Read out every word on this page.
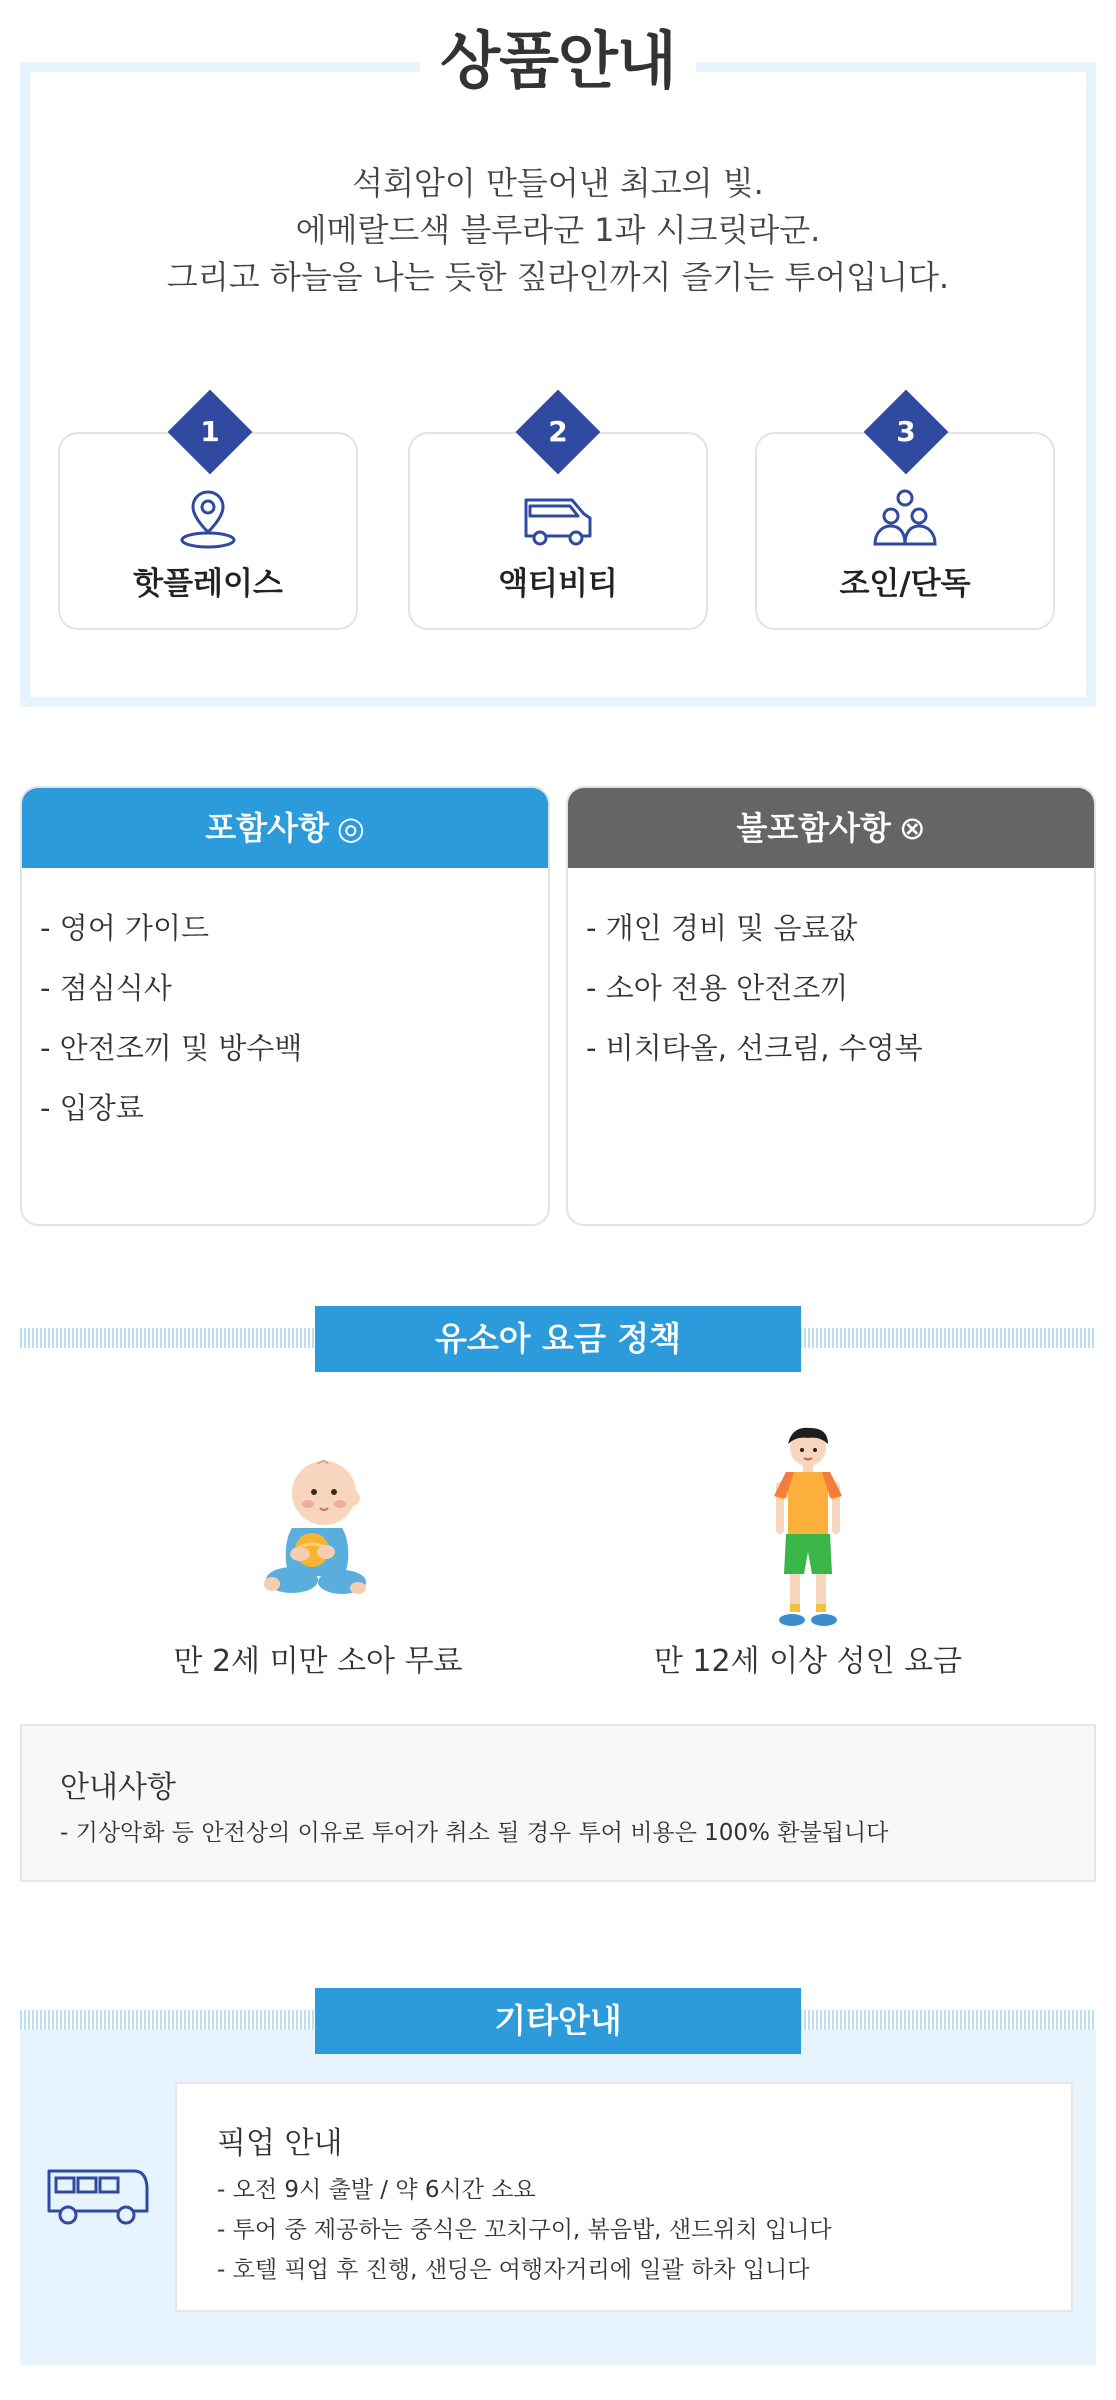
상품안내
석회암이 만들어낸 최고의 빛.
에메랄드색 블루라군 1과 시크릿라군.
그리고 하늘을 나는 듯한 짚라인까지 즐기는 투어입니다.
핫플레이스
1
액티비티
2
조인/단독
3
포함사항 ◎
- 영어 가이드
- 점심식사
- 안전조끼 및 방수백
- 입장료
불포함사항 ⊗
- 개인 경비 및 음료값
- 소아 전용 안전조끼
- 비치타올, 선크림, 수영복
유소아 요금 정책
만 2세 미만 소아 무료	만 12세 이상 성인 요금
안내사항
- 기상악화 등 안전상의 이유로 투어가 취소 될 경우 투어 비용은 100% 환불됩니다
기타안내
픽업 안내
- 오전 9시 출발 / 약 6시간 소요
- 투어 중 제공하는 중식은 꼬치구이, 볶음밥, 샌드위치 입니다
- 호텔 픽업 후 진행, 샌딩은 여행자거리에 일괄 하차 입니다
